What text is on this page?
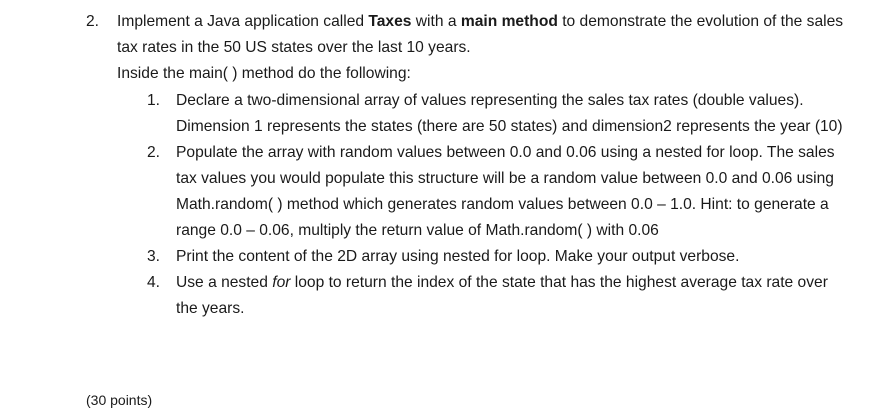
2. Implement a Java application called Taxes with a main method to demonstrate the evolution of the sales tax rates in the 50 US states over the last 10 years.

Inside the main( ) method do the following:

1. Declare a two-dimensional array of values representing the sales tax rates (double values). Dimension 1 represents the states (there are 50 states) and dimension2 represents the year (10)
2. Populate the array with random values between 0.0 and 0.06 using a nested for loop. The sales tax values you would populate this structure will be a random value between 0.0 and 0.06 using Math.random( ) method which generates random values between 0.0 – 1.0. Hint: to generate a range 0.0 – 0.06, multiply the return value of Math.random( ) with 0.06
3. Print the content of the 2D array using nested for loop. Make your output verbose.
4. Use a nested for loop to return the index of the state that has the highest average tax rate over the years.
(30 points)
